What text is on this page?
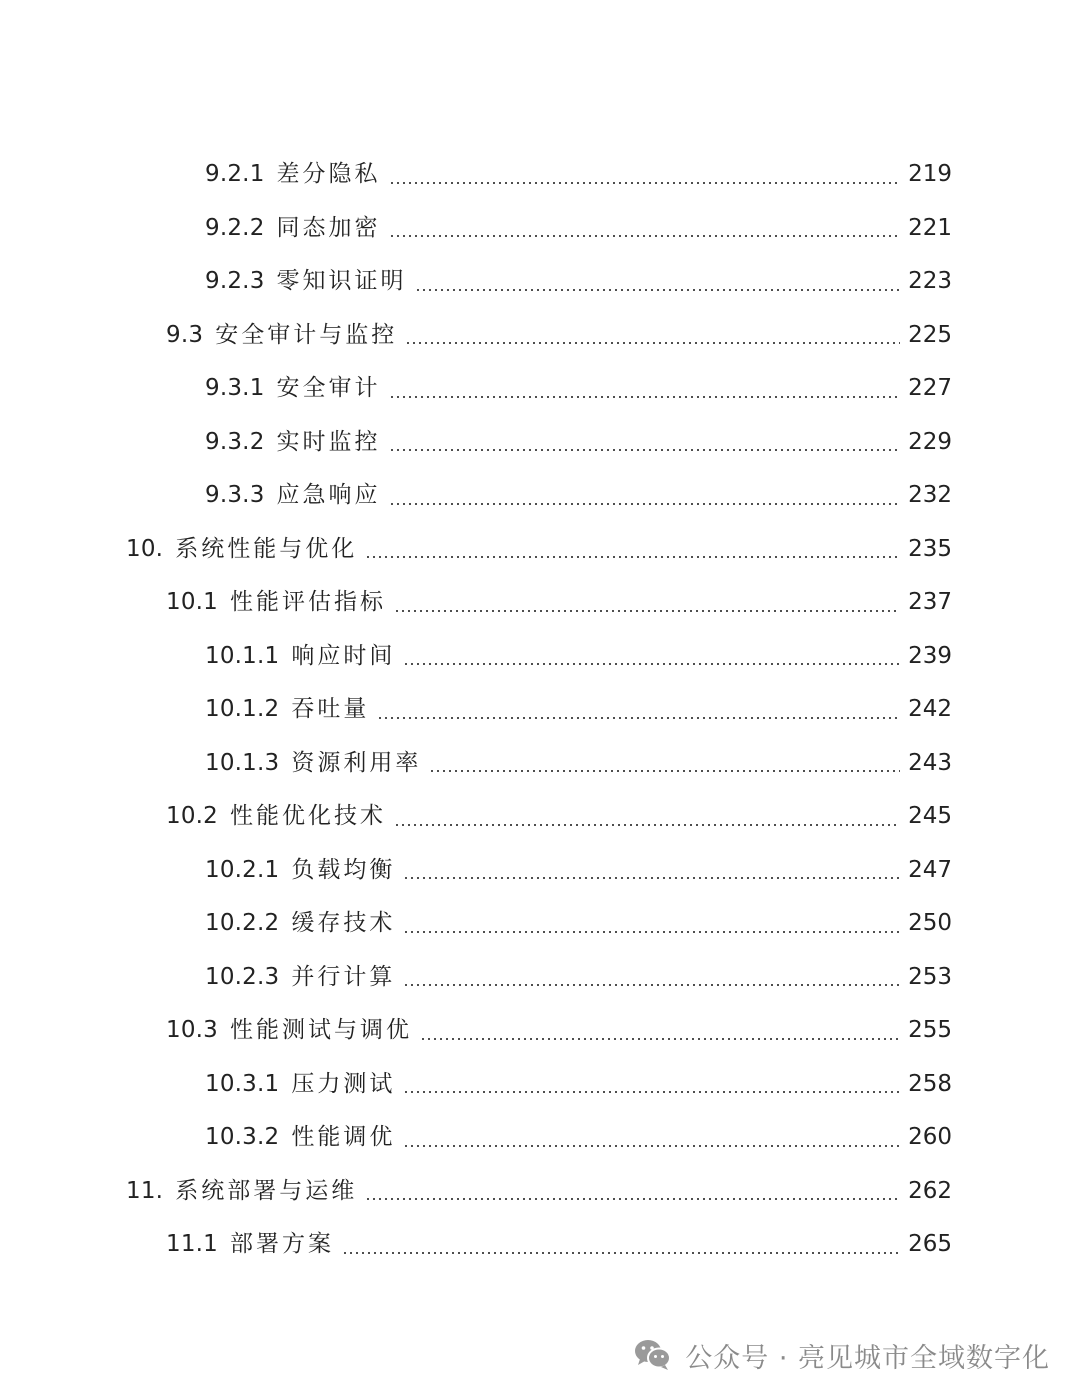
9.2.1 差分隐私	219
9.2.2 同态加密	221
9.2.3 零知识证明	223
9.3 安全审计与监控	225
9.3.1 安全审计	227
9.3.2 实时监控	229
9.3.3 应急响应	232
10. 系统性能与优化	235
10.1 性能评估指标	237
10.1.1 响应时间	239
10.1.2 吞吐量	242
10.1.3 资源利用率	243
10.2 性能优化技术	245
10.2.1 负载均衡	247
10.2.2 缓存技术	250
10.2.3 并行计算	253
10.3 性能测试与调优	255
10.3.1 压力测试	258
10.3.2 性能调优	260
11. 系统部署与运维	262
11.1 部署方案	265
公众号 · 亮见城市全域数字化
